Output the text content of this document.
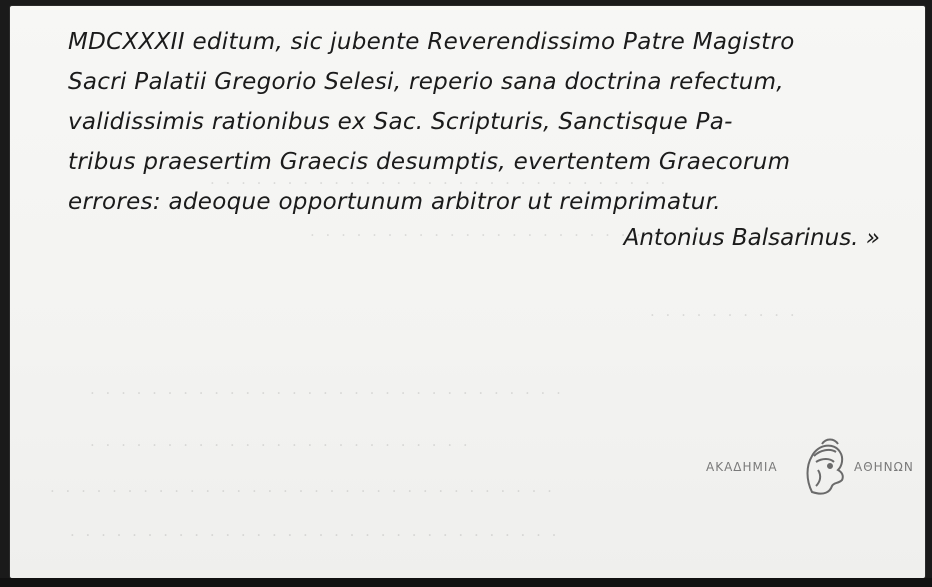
· · · · · · · · · · · · · · · · · · · · · · · · · · · · · ·
· · · · · · · · · · · · · · · · · · · · · · ·
· · · · · · · · · ·
· · · · · · · · · · · · · · · · · · · · · · · · · · · · · · ·
· · · · · · · · · · · · · · · · · · · · · · · · ·
· · · · · · · · · · · · · · · · · · · · · · · · · · · · · · · · ·
· · · · · · · · · · · · · · · · · · · · · · · · · · · · · · · ·
MDCXXXII editum, sic jubente Reverendissimo Patre Magistro
Sacri Palatii Gregorio Selesi, reperio sana doctrina refectum,
validissimis rationibus ex Sac. Scripturis, Sanctisque Pa-
tribus praesertim Graecis desumptis, evertentem Graecorum
errores: adeoque opportunum arbitror ut reimprimatur.
Antonius Balsarinus. »
ΑΚΑΔΗΜΙΑ	ΑΘΗΝΩΝ
